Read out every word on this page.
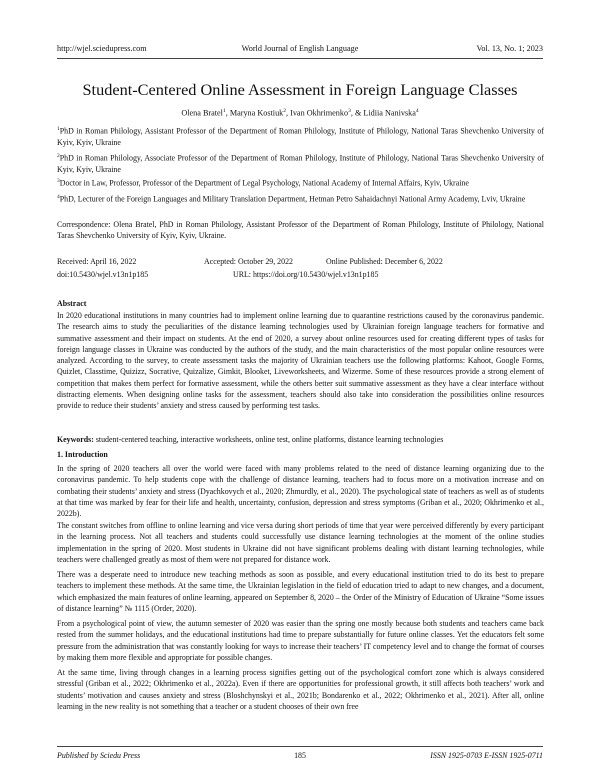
http://wjel.sciedupress.com	World Journal of English Language	Vol. 13, No. 1; 2023
Student-Centered Online Assessment in Foreign Language Classes
Olena Bratel$^1$, Maryna Kostiuk$^2$, Ivan Okhrimenko$^3$, & Lidiia Nanivska$^4$

$^1$PhD in Roman Philology, Assistant Professor of the Department of Roman Philology, Institute of Philology, National Taras Shevchenko University of Kyiv, Kyiv, Ukraine

$^2$PhD in Roman Philology, Associate Professor of the Department of Roman Philology, Institute of Philology, National Taras Shevchenko University of Kyiv, Kyiv, Ukraine

$^3$Doctor in Law, Professor, Professor of the Department of Legal Psychology, National Academy of Internal Affairs, Kyiv, Ukraine

$^4$PhD, Lecturer of the Foreign Languages and Military Translation Department, Hetman Petro Sahaidachnyi National Army Academy, Lviv, Ukraine

Correspondence: Olena Bratel, PhD in Roman Philology, Assistant Professor of the Department of Roman Philology, Institute of Philology, National Taras Shevchenko University of Kyiv, Kyiv, Ukraine.

Received: April 16, 2022	Accepted: October 29, 2022	Online Published: December 6, 2022
doi:10.5430/wjel.v13n1p185	URL: https://doi.org/10.5430/wjel.v13n1p185
Abstract

In 2020 educational institutions in many countries had to implement online learning due to quarantine restrictions caused by the coronavirus pandemic. The research aims to study the peculiarities of the distance learning technologies used by Ukrainian foreign language teachers for formative and summative assessment and their impact on students. At the end of 2020, a survey about online resources used for creating different types of tasks for foreign language classes in Ukraine was conducted by the authors of the study, and the main characteristics of the most popular online resources were analyzed. According to the survey, to create assessment tasks the majority of Ukrainian teachers use the following platforms: Kahoot, Google Forms, Quizlet, Classtime, Quizizz, Socrative, Quizalize, Gimkit, Blooket, Liveworksheets, and Wizerme. Some of these resources provide a strong element of competition that makes them perfect for formative assessment, while the others better suit summative assessment as they have a clear interface without distracting elements. When designing online tasks for the assessment, teachers should also take into consideration the possibilities online resources provide to reduce their students’ anxiety and stress caused by performing test tasks.

Keywords: student-centered teaching, interactive worksheets, online test, online platforms, distance learning technologies

1. Introduction

In the spring of 2020 teachers all over the world were faced with many problems related to the need of distance learning organizing due to the coronavirus pandemic. To help students cope with the challenge of distance learning, teachers had to focus more on a motivation increase and on combating their students’ anxiety and stress (Dyachkovych et al., 2020; Zhmurdly, et al., 2020). The psychological state of teachers as well as of students at that time was marked by fear for their life and health, uncertainty, confusion, depression and stress symptoms (Griban et al., 2020; Okhrimenko et al., 2022b).

The constant switches from offline to online learning and vice versa during short periods of time that year were perceived differently by every participant in the learning process. Not all teachers and students could successfully use distance learning technologies at the moment of the online studies implementation in the spring of 2020. Most students in Ukraine did not have significant problems dealing with distant learning technologies, while teachers were challenged greatly as most of them were not prepared for distance work.

There was a desperate need to introduce new teaching methods as soon as possible, and every educational institution tried to do its best to prepare teachers to implement these methods. At the same time, the Ukrainian legislation in the field of education tried to adapt to new changes, and a document, which emphasized the main features of online learning, appeared on September 8, 2020 – the Order of the Ministry of Education of Ukraine “Some issues of distance learning” № 1115 (Order, 2020).

From a psychological point of view, the autumn semester of 2020 was easier than the spring one mostly because both students and teachers came back rested from the summer holidays, and the educational institutions had time to prepare substantially for future online classes. Yet the educators felt some pressure from the administration that was constantly looking for ways to increase their teachers’ IT competency level and to change the format of courses by making them more flexible and appropriate for possible changes.

At the same time, living through changes in a learning process signifies getting out of the psychological comfort zone which is always considered stressful (Griban et al., 2022; Okhrimenko et al., 2022a). Even if there are opportunities for professional growth, it still affects both teachers’ work and students’ motivation and causes anxiety and stress (Bloshchynskyi et al., 2021b; Bondarenko et al., 2022; Okhrimenko et al., 2021). After all, online learning in the new reality is not something that a teacher or a student chooses of their own free

Published by Sciedu Press	185	ISSN 1925-0703 E-ISSN 1925-0711
